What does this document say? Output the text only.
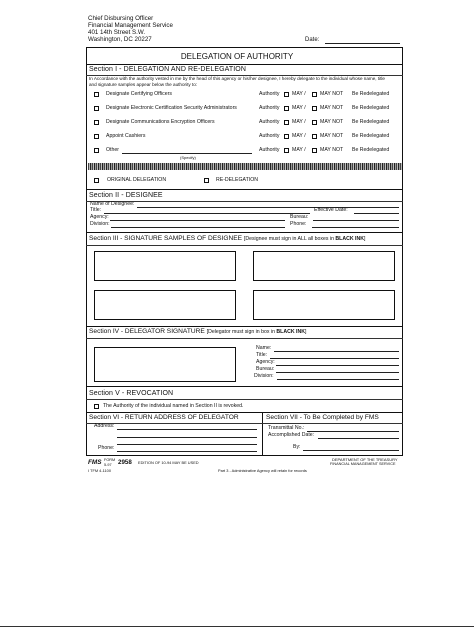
Chief Disbursing Officer
Financial Management Service
401 14th Street S.W.
Washington, DC 20227	Date:
DELEGATION OF AUTHORITY
Section I - DELEGATION AND RE-DELEGATION
In Accordance with the authority vested in me by the head of this agency or his/her designee, I hereby delegate to the individual whose name, title
and signature samples appear below the authority to:
Designate Certifying Officers	Authority MAY /	MAY NOT Be Redelegated
Designate Electronic Certification Security Administrators	Authority MAY /	MAY NOT Be Redelegated
Designate Communications Encryption Officers	Authority MAY /	MAY NOT Be Redelegated
Appoint Cashiers	Authority MAY /	MAY NOT Be Redelegated
Other	Authority MAY /	MAY NOT Be Redelegated
(Specify)
ORIGINAL DELEGATION	RE-DELEGATION
Section II - DESIGNEE
Name of Designee:
Title:	Effective Date:
Agency:	Bureau:
Division:	Phone:
Section III - SIGNATURE SAMPLES OF DESIGNEE [Designee must sign in ALL all boxes in BLACK INK]
Section IV - DELEGATOR SIGNATURE [Delegator must sign in box in BLACK INK]
Name:
Title:
Agency:
Bureau:
Division:
Section V - REVOCATION
The Authority of the individual named in Section II is revoked.
Section VI - RETURN ADDRESS OF DELEGATOR	Section VII - To Be Completed by FMS
Address:
Phone:
Transmittal No.:
Accomplished Date:
By:
FMS FORM
5-97 2958 EDITION OF 10-94 MAY BE USED
I TFM 4-1100	Part 3 - Administrative Agency will retain for records
DEPARTMENT OF THE TREASURY
FINANCIAL MANAGEMENT SERVICE
